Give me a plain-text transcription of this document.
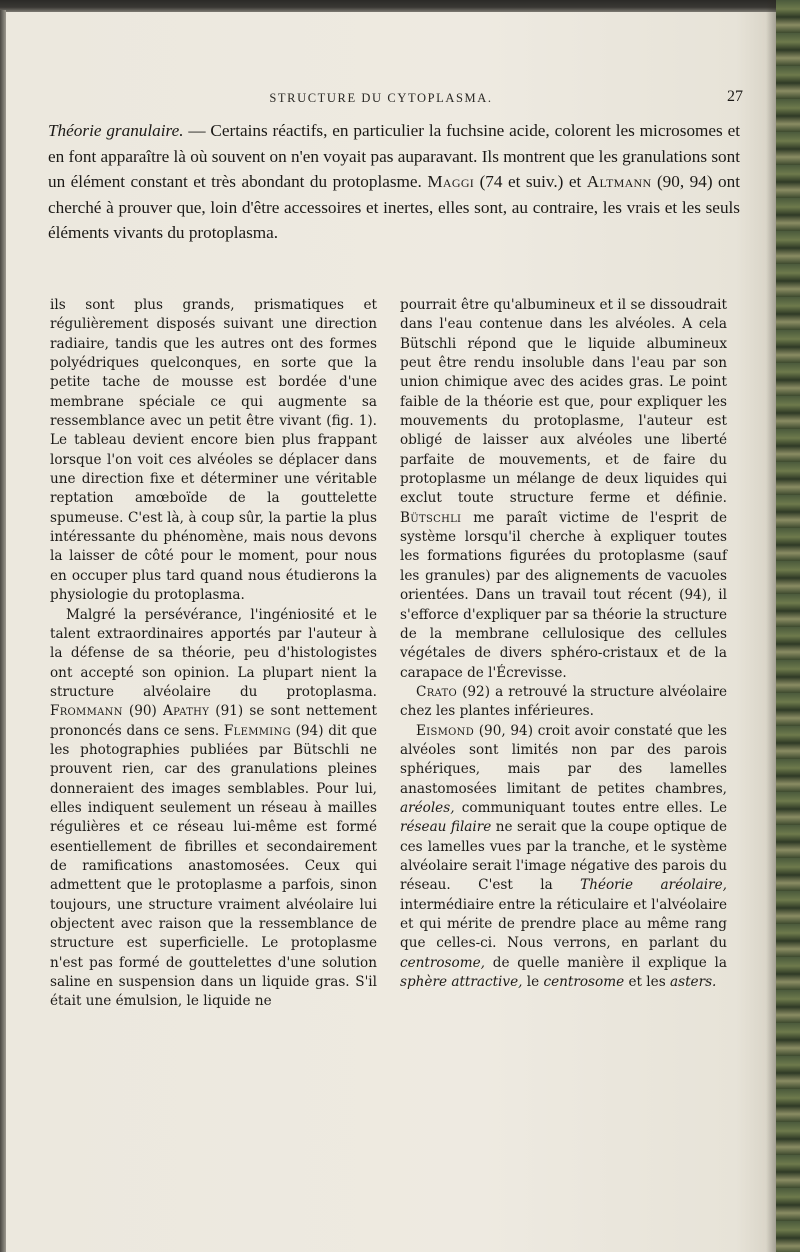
STRUCTURE DU CYTOPLASMA.	27
Théorie granulaire. — Certains réactifs, en particulier la fuchsine acide, colorent les microsomes et en font apparaître là où souvent on n'en voyait pas auparavant. Ils montrent que les granulations sont un élément constant et très abondant du protoplasme. Maggi (74 et suiv.) et Altmann (90, 94) ont cherché à prouver que, loin d'être accessoires et inertes, elles sont, au contraire, les vrais et les seuls éléments vivants du protoplasma.

ils sont plus grands, prismatiques et régulièrement disposés suivant une direction radiaire, tandis que les autres ont des formes polyédriques quelconques, en sorte que la petite tache de mousse est bordée d'une membrane spéciale ce qui augmente sa ressemblance avec un petit être vivant (fig. 1). Le tableau devient encore bien plus frappant lorsque l'on voit ces alvéoles se déplacer dans une direction fixe et déterminer une véritable reptation amœboïde de la gouttelette spumeuse. C'est là, à coup sûr, la partie la plus intéressante du phénomène, mais nous devons la laisser de côté pour le moment, pour nous en occuper plus tard quand nous étudierons la physiologie du protoplasma.

Malgré la persévérance, l'ingéniosité et le talent extraordinaires apportés par l'auteur à la défense de sa théorie, peu d'histologistes ont accepté son opinion. La plupart nient la structure alvéolaire du protoplasma. Frommann (90) Apathy (91) se sont nettement prononcés dans ce sens. Flemming (94) dit que les photographies publiées par Bütschli ne prouvent rien, car des granulations pleines donneraient des images semblables. Pour lui, elles indiquent seulement un réseau à mailles régulières et ce réseau lui-même est formé esentiellement de fibrilles et secondairement de ramifications anastomosées. Ceux qui admettent que le protoplasme a parfois, sinon toujours, une structure vraiment alvéolaire lui objectent avec raison que la ressemblance de structure est superficielle. Le protoplasme n'est pas formé de gouttelettes d'une solution saline en suspension dans un liquide gras. S'il était une émulsion, le liquide ne

pourrait être qu'albumineux et il se dissoudrait dans l'eau contenue dans les alvéoles. A cela Bütschli répond que le liquide albumineux peut être rendu insoluble dans l'eau par son union chimique avec des acides gras. Le point faible de la théorie est que, pour expliquer les mouvements du protoplasme, l'auteur est obligé de laisser aux alvéoles une liberté parfaite de mouvements, et de faire du protoplasme un mélange de deux liquides qui exclut toute structure ferme et définie. Bütschli me paraît victime de l'esprit de système lorsqu'il cherche à expliquer toutes les formations figurées du protoplasme (sauf les granules) par des alignements de vacuoles orientées. Dans un travail tout récent (94), il s'efforce d'expliquer par sa théorie la structure de la membrane cellulosique des cellules végétales de divers sphéro-cristaux et de la carapace de l'Écrevisse.

Crato (92) a retrouvé la structure alvéolaire chez les plantes inférieures.

Eismond (90, 94) croit avoir constaté que les alvéoles sont limités non par des parois sphériques, mais par des lamelles anastomosées limitant de petites chambres, aréoles, communiquant toutes entre elles. Le réseau filaire ne serait que la coupe optique de ces lamelles vues par la tranche, et le système alvéolaire serait l'image négative des parois du réseau. C'est la Théorie aréolaire, intermédiaire entre la réticulaire et l'alvéolaire et qui mérite de prendre place au même rang que celles-ci. Nous verrons, en parlant du centrosome, de quelle manière il explique la sphère attractive, le centrosome et les asters.
